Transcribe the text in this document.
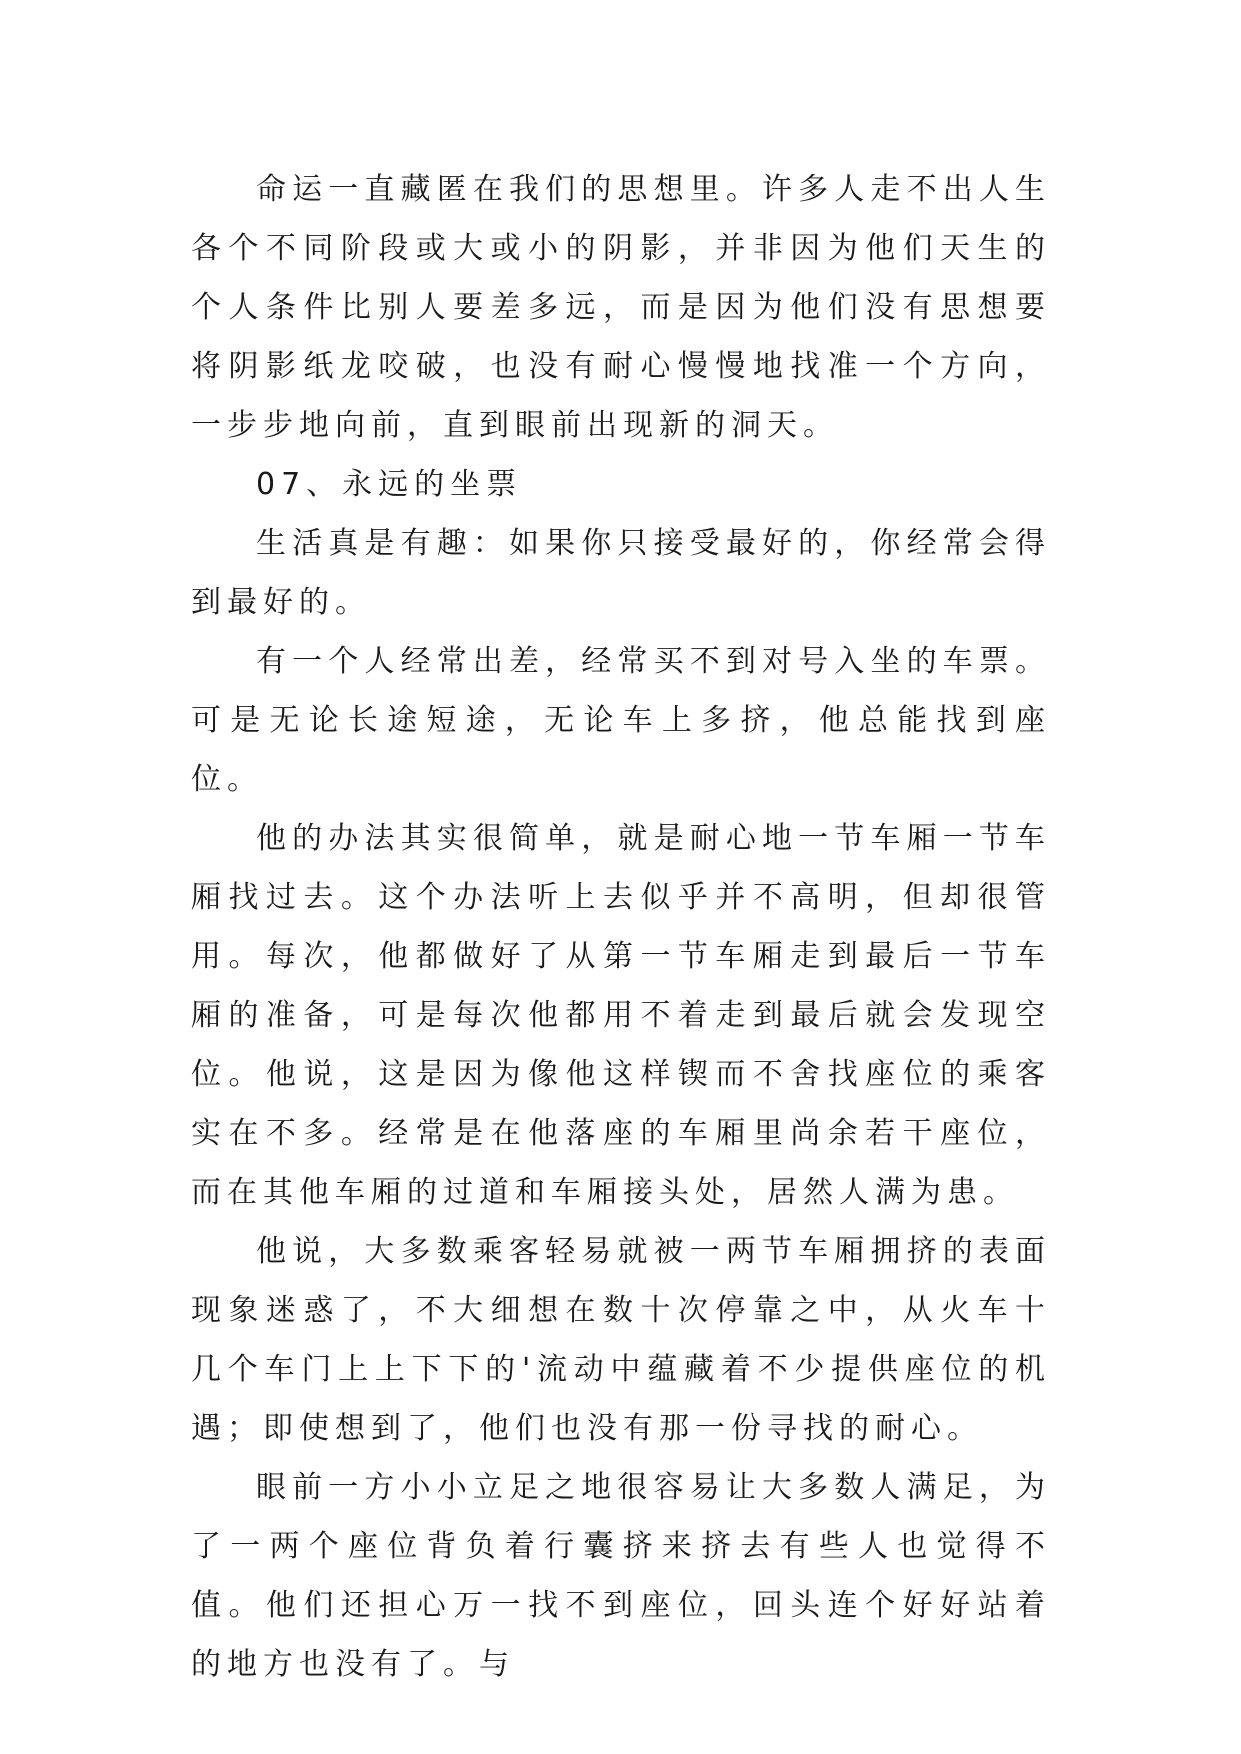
命运一直藏匿在我们的思想里。许多人走不出人生各个不同阶段或大或小的阴影，并非因为他们天生的个人条件比别人要差多远，而是因为他们没有思想要将阴影纸龙咬破，也没有耐心慢慢地找准一个方向，一步步地向前，直到眼前出现新的洞天。

07、永远的坐票

生活真是有趣：如果你只接受最好的，你经常会得到最好的。

有一个人经常出差，经常买不到对号入坐的车票。可是无论长途短途，无论车上多挤，他总能找到座位。

他的办法其实很简单，就是耐心地一节车厢一节车厢找过去。这个办法听上去似乎并不高明，但却很管用。每次，他都做好了从第一节车厢走到最后一节车厢的准备，可是每次他都用不着走到最后就会发现空位。他说，这是因为像他这样锲而不舍找座位的乘客实在不多。经常是在他落座的车厢里尚余若干座位，而在其他车厢的过道和车厢接头处，居然人满为患。

他说，大多数乘客轻易就被一两节车厢拥挤的表面现象迷惑了，不大细想在数十次停靠之中，从火车十几个车门上上下下的'流动中蕴藏着不少提供座位的机遇；即使想到了，他们也没有那一份寻找的耐心。

眼前一方小小立足之地很容易让大多数人满足，为了一两个座位背负着行囊挤来挤去有些人也觉得不值。他们还担心万一找不到座位，回头连个好好站着的地方也没有了。与
